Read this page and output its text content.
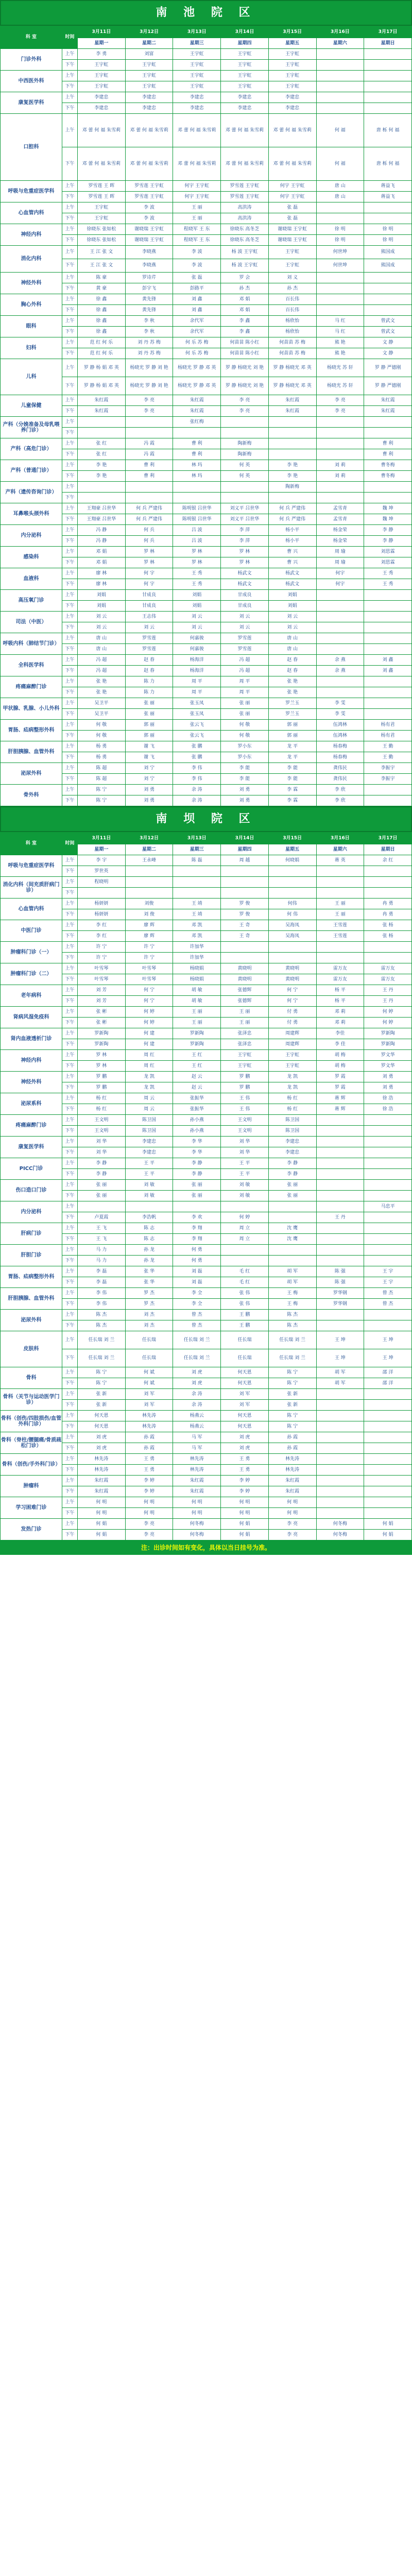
南 池 院 区
科 室	时间	3月11日	3月12日	3月13日	3月14日	3月15日	3月16日	3月17日
		星期一	星期二	星期三	星期四	星期五	星期六	星期日
门诊外科	上午	李 勇	刘富	王宇虹	王宇虹	王宇虹		
	下午	王宇虹	王宇虹	王宇虹	王宇虹	王宇虹		
中西医外科	上午	王宇虹	王宇虹	王宇虹	王宇虹	王宇虹		
	下午	王宇虹	王宇虹	王宇虹	王宇虹	王宇虹		
康复医学科	上午	李建忠	李建忠	李建忠	李建忠	李建忠		
	下午	李建忠	李建忠	李建忠	李建忠	李建忠		
口腔科	上午	邓 蕾 何 福 朱雪莉	邓 蕾 何 福 朱雪莉	邓 蕾 何 福 朱雪莉	邓 蕾 何 福 朱雪莉	邓 蕾 何 福 朱雪莉	何 福	唐 栎 何 福
	下午	邓 蕾 何 福 朱雪莉	邓 蕾 何 福 朱雪莉	邓 蕾 何 福 朱雪莉	邓 蕾 何 福 朱雪莉	邓 蕾 何 福 朱雪莉	何 福	唐 栎 何 福
呼吸与危重症医学科	上午	罗雪莲 王 晖	罗雪莲 王宇虹	何宇 王宇虹	罗雪莲 王宇虹	何宇 王宇虹	唐 山	蒋益飞
	下午	罗雪莲 王 晖	罗雪莲 王宇虹	何宇 王宇虹	罗雪莲 王宇虹	何宇 王宇虹	唐 山	蒋益飞
心血管内科	上午	王宇虹	李 波	王 丽	高洪涛	张 磊		
	下午	王宇虹	李 波	王 丽	高洪涛	张 磊		
神经内科	上午	徐晓东 张如松	谢晓瑞 王宇虹	程晓军 王 东	徐晓东 高冬芝	谢晓瑞 王宇虹	徐 明	徐 明
	下午	徐晓东 张如松	谢晓瑞 王宇虹	程晓军 王 东	徐晓东 高冬芝	谢晓瑞 王宇虹	徐 明	徐 明
消化内科	上午	王 江 张 文	李晓燕	李 波	杨 波 王宇虹	王宇虹	何世坤	熊国成
	下午	王 江 张 文	李晓燕	李 波	杨 波 王宇虹	王宇虹	何世坤	熊国成
神经外科	上午	陈 豪	罗诗芹	张 磊	罗 会	刘 义		
	下午	黄 豪	彭宇飞	彭路平	孙 杰	孙 杰		
胸心外科	上午	徐 鑫	黄先锋	刘 鑫	邓 娟	百长伟		
	下午	徐 鑫	黄先锋	刘 鑫	邓 娟	百长伟		
眼科	上午	徐 鑫	李 秋	余代军	李 鑫	杨欣怡	马 红	曾武文
	下午	徐 鑫	李 秋	余代军	李 鑫	杨欣怡	马 红	曾武文
妇科	上午	范 红 何 乐	刘 丹 苏 梅	何 乐 苏 梅	何苗苗 陈小红	何苗苗 苏 梅	熊 艳	文 静
	下午	范 红 何 乐	刘 丹 苏 梅	何 乐 苏 梅	何苗苗 陈小红	何苗苗 苏 梅	熊 艳	文 静
儿科	上午	罗 静 杨 娟 邓 英	杨晓光 罗 静 刘 艳	杨晓光 罗 静 邓 英	罗 静 杨晓光 刘 艳	罗 静 杨晓光 邓 英	杨晓光 苏 轩	罗 静 严德刚
	下午	罗 静 杨 娟 邓 英	杨晓光 罗 静 刘 艳	杨晓光 罗 静 邓 英	罗 静 杨晓光 刘 艳	罗 静 杨晓光 邓 英	杨晓光 苏 轩	罗 静 严德刚
儿童保健	上午	朱红霞	李 亮	朱红霞	李 亮	朱红霞	李 亮	朱红霞
	下午	朱红霞	李 亮	朱红霞	李 亮	朱红霞	李 亮	朱红霞
产科（分娩准备及母乳喂养门诊）	上午			张红梅				
	下午							
产科（高危门诊）	上午	张 红	冯 霞	曹 利	陶新梅			曹 利
	下午	张 红	冯 霞	曹 利	陶新梅			曹 利
产科（普通门诊）	上午	李 艳	曹 利	林 玛	何 英	李 艳	刘 莉	曹冬梅
	下午	李 艳	曹 利	林 玛	何 英	李 艳	刘 莉	曹冬梅
产科（遗传咨询门诊）	上午					陶新梅		
	下午							
耳鼻喉头颈外科	上午	王翔豪 吕世华	何 兵 严建伟	陈明银 吕世华	刘义平 吕世华	何 兵 严建伟	孟雪青	魏 坤
	下午	王翔豪 吕世华	何 兵 严建伟	陈明银 吕世华	刘义平 吕世华	何 兵 严建伟	孟雪青	魏 坤
内分泌科	上午	冯 静	何 兵	吕 波	李 萍	杨小平	杨金荣	李 静
	下午	冯 静	何 兵	吕 波	李 萍	杨小平	杨金荣	李 静
感染科	上午	邓 娟	罗 林	罗 林	罗 林	曹 兴	周 瑜	刘思霖
	下午	邓 娟	罗 林	罗 林	罗 林	曹 兴	周 瑜	刘思霖
血液科	上午	廖 林	何 宇	王 秀	杨武文	杨武文	何宇	王 秀
	下午	廖 林	何 宇	王 秀	杨武文	杨武文	何宇	王 秀
高压氧门诊	上午	刘娟	甘成良	刘娟	甘成良	刘娟		
	下午	刘娟	甘成良	刘娟	甘成良	刘娟		
司法（中医）	上午	刘 云	王志伟	刘 云	刘 云	刘 云		
	下午	刘 云	刘 云	刘 云	刘 云	刘 云		
呼吸内科（肺结节门诊）	上午	唐 山	罗雪莲	何嘉骏	罗雪莲	唐 山		
	下午	唐 山	罗雪莲	何嘉骏	罗雪莲	唐 山		
全科医学科	上午	冯 超	赵 春	杨海洋	冯 超	赵 春	余 燕	刘 鑫
	下午	冯 超	赵 春	杨海洋	冯 超	赵 春	余 燕	刘 鑫
疼痛麻醉门诊	上午	张 艳	陈 力	周 平	周 平	张 艳		
	下午	张 艳	陈 力	周 平	周 平	张 艳		
甲状腺、乳腺、小儿外科	上午	吴卫平	张 丽	张玉凤	张 丽	罗兰玉	李 雯	
	下午	吴卫平	张 丽	张玉凤	张 丽	罗兰玉	李 雯	
胃肠、疝病整形外科	上午	何 敬	郭 丽	张云飞	何 敬	郭 丽	伍鸿林	杨有君
	下午	何 敬	郭 丽	张云飞	何 敬	郭 丽	伍鸿林	杨有君
肝胆胰腺、血管外科	上午	杨 勇	谢 飞	张 鹏	罗小东	龙 平	杨春梅	王 勤
	下午	杨 勇	谢 飞	张 鹏	罗小东	龙 平	杨春梅	王 勤
泌尿外科	上午	陈 超	刘 宁	李 伟	李 能	李 能	龚伟民	李振宇
	下午	陈 超	刘 宁	李 伟	李 能	李 能	龚伟民	李振宇
骨外科	上午	陈 宁	刘 勇	余 涛	刘 勇	李 霖	李 欣	
	下午	陈 宁	刘 勇	余 涛	刘 勇	李 霖	李 欣	
南 坝 院 区
科 室	时间	3月11日	3月12日	3月13日	3月14日	3月15日	3月16日	3月17日
		星期一	星期二	星期三	星期四	星期五	星期六	星期日
呼吸与危重症医学科	上午	李 宇	王永峰	陈 磊	周 越	何晓娟	蒋 英	余 红
	下午	罗世英						
消化内科（间充质肝病门诊）	上午	程晓明						
	下午							
心血管内科	上午	杨妍妍	刘俊	王 靖	罗 俊	何伟	王 丽	冉 勇
	下午	杨妍妍	刘 俊	王 靖	罗 俊	何 伟	王 丽	冉 勇
中医门诊	上午	李 红	廖 辉	邓 凯	王 奇	吴海凤	王雪莲	张 杨
	下午	李 红	廖 辉	邓 凯	王 奇	吴海凤	王雪莲	张 杨
肿瘤科门诊（一）	上午	许 宁	许 宁	许加华				
	下午	许 宁	许 宁	许加华				
肿瘤科门诊（二）	上午	叶雪琴	叶雪琴	杨晓娟	黄晓明	黄晓明	雷万友	雷万友
	下午	叶雪琴	叶雪琴	杨晓娟	黄晓明	黄晓明	雷万友	雷万友
老年病科	上午	刘 芳	何 宁	胡 敏	张德辉	何 宁	杨 平	王 丹
	下午	刘 芳	何 宁	胡 敏	张德辉	何 宁	杨 平	王 丹
肾病风湿免疫科	上午	张 彬	何 婷	王 丽	王 丽	付 勇	邓 莉	何 婷
	下午	张 彬	何 婷	王 丽	王 丽	付 勇	邓 莉	何 婷
肾内血液透析门诊	上午	罗新陶	何 建	罗新陶	张泽忠	周建辉	李佳	罗新陶
	下午	罗新陶	何 建	罗新陶	张泽忠	周建辉	李 佳	罗新陶
神经内科	上午	罗 林	周 红	王 红	王宇虹	王宇虹	胡 梅	罗文华
	下午	罗 林	周 红	王 红	王宇虹	王宇虹	胡 梅	罗文华
神经外科	上午	罗 鹏	龙 凯	赵 云	罗 鹏	龙 凯	罗 霞	刘 勇
	下午	罗 鹏	龙 凯	赵 云	罗 鹏	龙 凯	罗 霞	刘 勇
泌尿系科	上午	杨 红	周 云	张振华	王 伟	杨 红	蒋 辉	徐 浩
	下午	杨 红	周 云	张振华	王 伟	杨 红	蒋 辉	徐 浩
疼痛麻醉门诊	上午	王文明	陈卫国	孙小燕	王文明	陈卫国		
	下午	王文明	陈卫国	孙小燕	王文明	陈卫国		
康复医学科	上午	刘 华	李建忠	李 华	刘 华	李建忠		
	下午	刘 华	李建忠	李 华	刘 华	李建忠		
PICC门诊	上午	李 静	王 平	李 静	王 平	李 静		
	下午	李 静	王 平	李 静	王 平	李 静		
伤口造口门诊	上午	张 丽	刘 敏	张 丽	刘 敏	张 丽		
	下午	张 丽	刘 敏	张 丽	刘 敏	张 丽		
内分泌科	上午							马忠平
	下午	卢夏霞	李浩帆	李 欢	何 婷		王 丹	
肝病门诊	上午	王 飞	陈 志	李 翔	周 立	沈 鹰		
	下午	王 飞	陈 志	李 翔	周 立	沈 鹰		
肝胆门诊	上午	马 力	孙 龙	何 勇				
	下午	马 力	孙 龙	何 勇				
胃肠、疝病整形外科	上午	李 磊	张 华	刘 磊	毛 红	胡 军	陈 强	王 宇
	下午	李 磊	张 华	刘 磊	毛 红	胡 军	陈 强	王 宇
肝胆胰腺、血管外科	上午	李 伟	罗 杰	李 全	张 伟	王 梅	罗华钢	曾 杰
	下午	李 伟	罗 杰	李 全	张 伟	王 梅	罗华钢	曾 杰
泌尿外科	上午	陈 杰	刘 杰	曾 杰	王 鹏	陈 杰		
	下午	陈 杰	刘 杰	曾 杰	王 鹏	陈 杰		
皮肤科	上午	任长瑞 刘 兰	任长瑞	任长瑞 刘 兰	任长瑞	任长瑞 刘 兰	王 坤	王 坤
	下午	任长瑞 刘 兰	任长瑞	任长瑞 刘 兰	任长瑞	任长瑞 刘 兰	王 坤	王 坤
骨科	上午	陈 宁	何 斌	刘 虎	何天恩	陈 宁	胡 军	邵 洋
	下午	陈 宁	何 斌	刘 虎	何天恩	陈 宁	胡 军	邵 洋
骨科（关节与运动医学门诊）	上午	张 新	刘 军	余 涛	刘 军	张 新		
	下午	张 新	刘 军	余 涛	刘 军	张 新		
骨科（创伤/四肢损伤/血管外科门诊）	上午	何天恩	林先涛	杨燕云	何天恩	陈 宁		
	下午	何天恩	林先涛	杨燕云	何天恩	陈 宁		
骨科（脊柱/腰腿痛/骨质疏松门诊）	上午	刘 虎	孙 霞	马 军	刘 虎	孙 霞		
	下午	刘 虎	孙 霞	马 军	刘 虎	孙 霞		
骨科（创伤/手外科门诊）	上午	林先涛	王 勇	林先涛	王 勇	林先涛		
	下午	林先涛	王 勇	林先涛	王 勇	林先涛		
肿瘤科	上午	朱红霞	李 婷	朱红霞	李 婷	朱红霞		
	下午	朱红霞	李 婷	朱红霞	李 婷	朱红霞		
学习困难门诊	上午	何 明	何 明	何 明	何 明	何 明		
	下午	何 明	何 明	何 明	何 明	何 明		
发热门诊	上午	何 娟	李 亮	何冬梅	何 娟	李 亮	何冬梅	何 娟
	下午	何 娟	李 亮	何冬梅	何 娟	李 亮	何冬梅	何 娟
注：出诊时间如有变化，具体以当日挂号为准。
